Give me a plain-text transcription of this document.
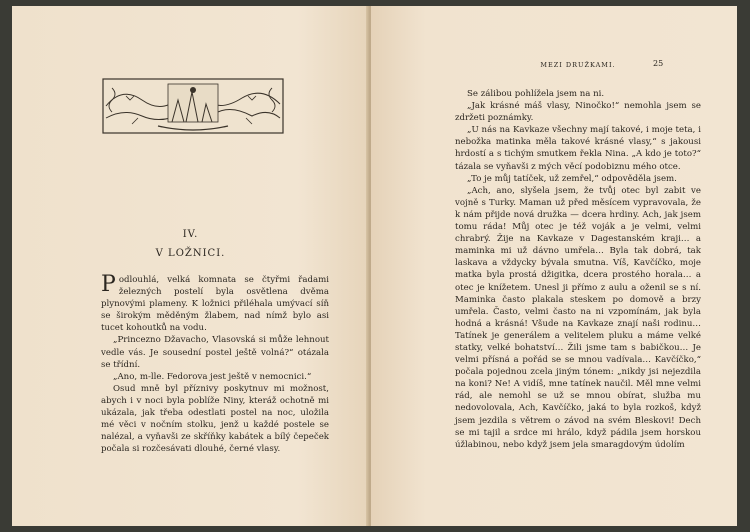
IV.
V LOŽNICI.

Podlouhlá, velká komnata se čtyřmi řadami železných postelí byla osvětlena dvěma plynovými plameny. K ložnici přiléhala umývací síň se širokým měděným žlabem, nad nímž bylo asi tucet kohoutků na vodu.

„Princezno Džavacho, Vlasovská si může lehnout vedle vás. Je sousední postel ještě volná?“ otázala se třídní.

„Ano, m-lle. Fedorova jest ještě v nemocnici.“

Osud mně byl příznivy poskytnuv mi možnost, abych i v noci byla poblíže Niny, kteráž ochotně mi ukázala, jak třeba odestlati postel na noc, uložila mé věci v nočním stolku, jenž u každé postele se nalézal, a vyňavši ze skříňky kabátek a bílý čepeček počala si rozčesávati dlouhé, černé vlasy.

MEZI DRUŽKAMI.	25

Se zálibou pohlížela jsem na ni.

„Jak krásné máš vlasy, Ninočko!“ nemohla jsem se zdržeti poznámky.

„U nás na Kavkaze všechny mají takové, i moje teta, i nebožka matinka měla takové krásné vlasy,“ s jakousi hrdostí a s tichým smutkem řekla Nina. „A kdo je toto?“ tázala se vyňavši z mých věcí podobiznu mého otce.

„To je můj tatíček, už zemřel,“ odpověděla jsem.

„Ach, ano, slyšela jsem, že tvůj otec byl zabit ve vojně s Turky. Maman už před měsícem vypravovala, že k nám přijde nová družka — dcera hrdiny. Ach, jak jsem tomu ráda! Můj otec je též voják a je velmi, velmi chrabrý. Žije na Kavkaze v Dagestanském kraji… a maminka mi už dávno umřela… Byla tak dobrá, tak laskava a vždycky bývala smutna. Víš, Kavčíčko, moje matka byla prostá džigitka, dcera prostého horala… a otec je knížetem. Unesl ji přímo z aulu a oženil se s ní. Maminka často plakala steskem po domově a brzy umřela. Často, velmi často na ni vzpomínám, jak byla hodná a krásná! Všude na Kavkaze znají naši rodinu… Tatínek je generálem a velitelem pluku a máme velké statky, velké bohatství… Žili jsme tam s babičkou… Je velmi přísná a pořád se se mnou vadívala… Kavčíčko,“ počala pojednou zcela jiným tónem: „nikdy jsi nejezdila na koni? Ne! A vidíš, mne tatínek naučil. Měl mne velmi rád, ale nemohl se už se mnou obírat, služba mu nedovolovala, Ach, Kavčíčko, jaká to byla rozkoš, když jsem jezdila s větrem o závod na svém Bleskovi! Dech se mi tajil a srdce mi hrálo, když pádila jsem horskou úžlabinou, nebo když jsem jela smaragdovým údolím
